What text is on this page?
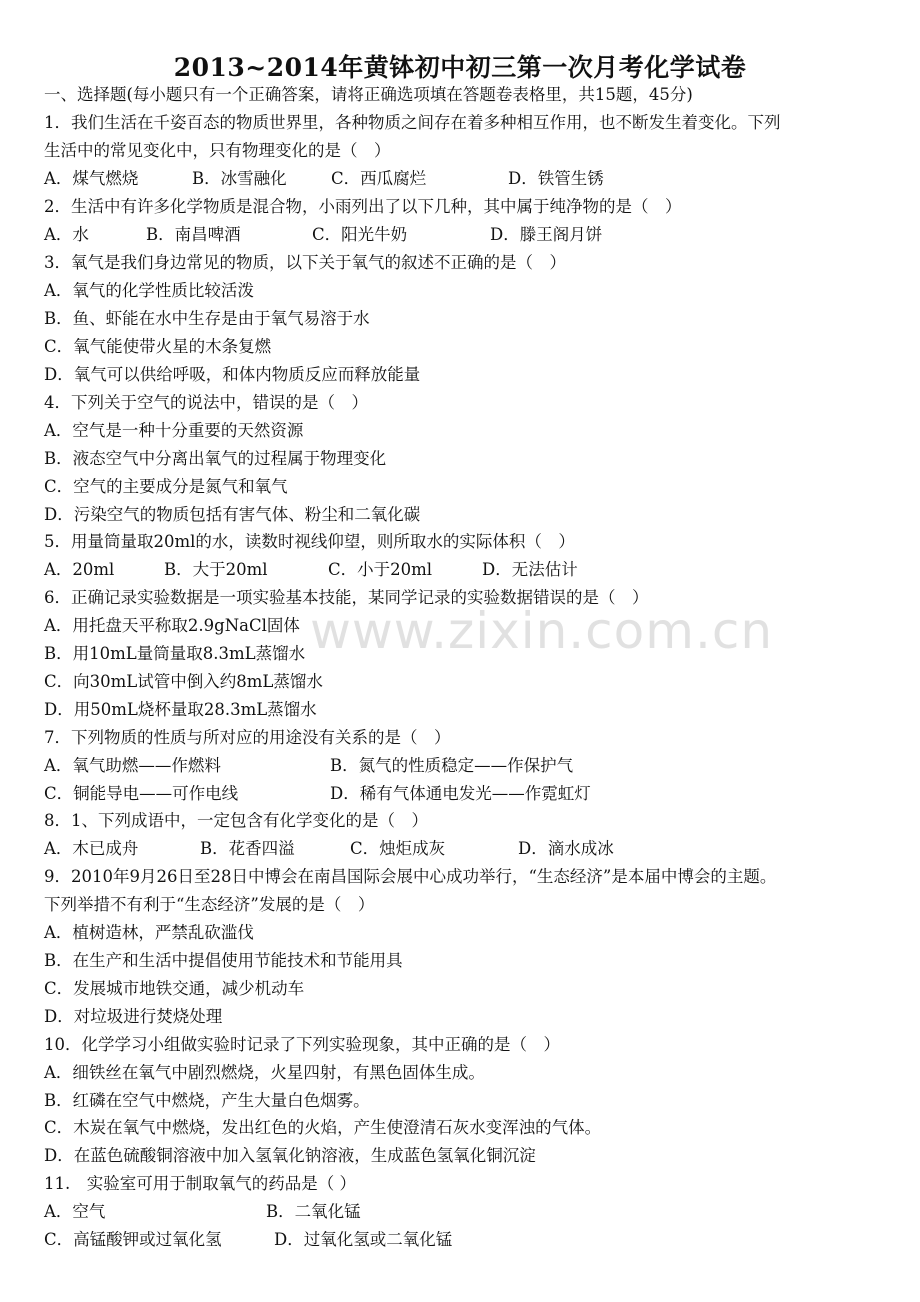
www.zixin.com.cn
2013~2014年黄钵初中初三第一次月考化学试卷
一、选择题(每小题只有一个正确答案，请将正确选项填在答题卷表格里，共15题，45分)
1．我们生活在千姿百态的物质世界里，各种物质之间存在着多种相互作用，也不断发生着变化。下列
生活中的常见变化中，只有物理变化的是（　）
A．煤气燃烧	B．冰雪融化	C．西瓜腐烂	D．铁管生锈
2．生活中有许多化学物质是混合物，小雨列出了以下几种，其中属于纯净物的是（　）
A．水	B．南昌啤酒	C．阳光牛奶	D．滕王阁月饼
3．氧气是我们身边常见的物质，以下关于氧气的叙述不正确的是（　）
A．氧气的化学性质比较活泼
B．鱼、虾能在水中生存是由于氧气易溶于水
C．氧气能使带火星的木条复燃
D．氧气可以供给呼吸，和体内物质反应而释放能量
4．下列关于空气的说法中，错误的是（　）
A．空气是一种十分重要的天然资源
B．液态空气中分离出氧气的过程属于物理变化
C．空气的主要成分是氮气和氧气
D．污染空气的物质包括有害气体、粉尘和二氧化碳
5．用量筒量取20ml的水，读数时视线仰望，则所取水的实际体积（　）
A．20ml	B．大于20ml	C．小于20ml	D．无法估计
6．正确记录实验数据是一项实验基本技能，某同学记录的实验数据错误的是（　）
A．用托盘天平称取2.9gNaCl固体
B．用10mL量筒量取8.3mL蒸馏水
C．向30mL试管中倒入约8mL蒸馏水
D．用50mL烧杯量取28.3mL蒸馏水
7．下列物质的性质与所对应的用途没有关系的是（　）
A．氧气助燃——作燃料	B．氮气的性质稳定——作保护气
C．铜能导电——可作电线	D．稀有气体通电发光——作霓虹灯
8．1、下列成语中，一定包含有化学变化的是（　）
A．木已成舟	B．花香四溢	C．烛炬成灰	D．滴水成冰
9．2010年9月26日至28日中博会在南昌国际会展中心成功举行，“生态经济”是本届中博会的主题。
下列举措不有利于“生态经济”发展的是（　）
A．植树造林，严禁乱砍滥伐
B．在生产和生活中提倡使用节能技术和节能用具
C．发展城市地铁交通，减少机动车
D．对垃圾进行焚烧处理
10．化学学习小组做实验时记录了下列实验现象，其中正确的是（　）
A．细铁丝在氧气中剧烈燃烧，火星四射，有黑色固体生成。
B．红磷在空气中燃烧，产生大量白色烟雾。
C．木炭在氧气中燃烧，发出红色的火焰，产生使澄清石灰水变浑浊的气体。
D．在蓝色硫酸铜溶液中加入氢氧化钠溶液，生成蓝色氢氧化铜沉淀
11.　实验室可用于制取氧气的药品是（ ）
A．空气	B．二氧化锰
C．高锰酸钾或过氧化氢	D．过氧化氢或二氧化锰
